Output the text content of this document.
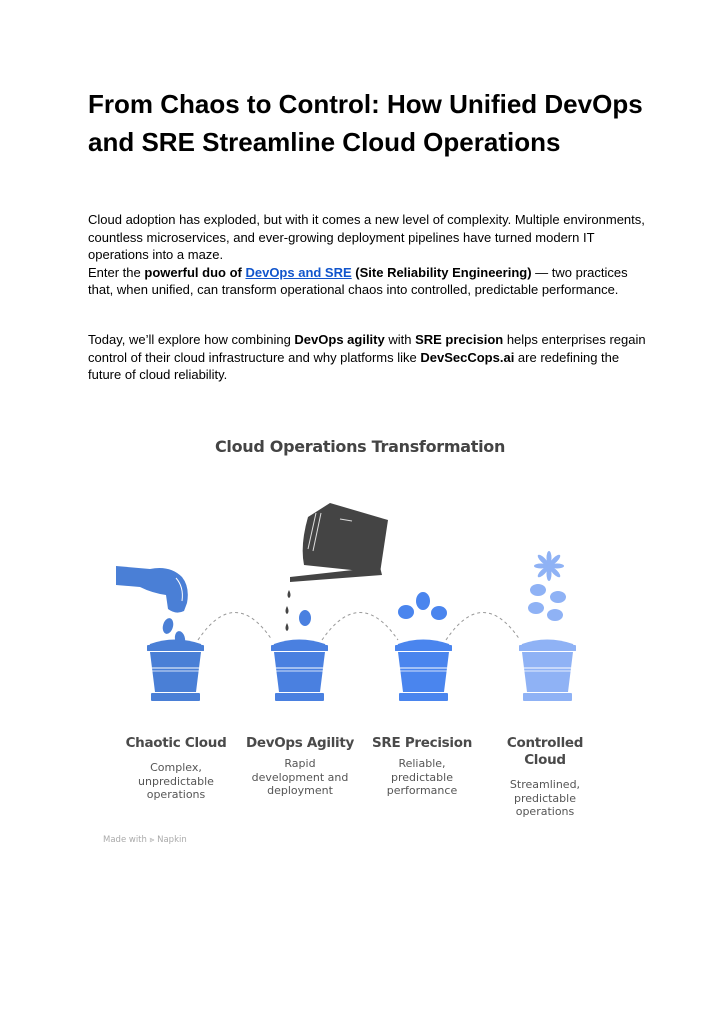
From Chaos to Control: How Unified DevOps and SRE Streamline Cloud Operations

Cloud adoption has exploded, but with it comes a new level of complexity. Multiple environments, countless microservices, and ever-growing deployment pipelines have turned modern IT operations into a maze.
Enter the powerful duo of DevOps and SRE (Site Reliability Engineering) — two practices that, when unified, can transform operational chaos into controlled, predictable performance.

Today, we’ll explore how combining DevOps agility with SRE precision helps enterprises regain control of their cloud infrastructure and why platforms like DevSecCops.ai are redefining the future of cloud reliability.

Cloud Operations Transformation
Chaotic Cloud
Complex, unpredictable operations
DevOps Agility
Rapid development and deployment
SRE Precision
Reliable, predictable performance
Controlled Cloud
Streamlined, predictable operations
Made with ⪢ Napkin
